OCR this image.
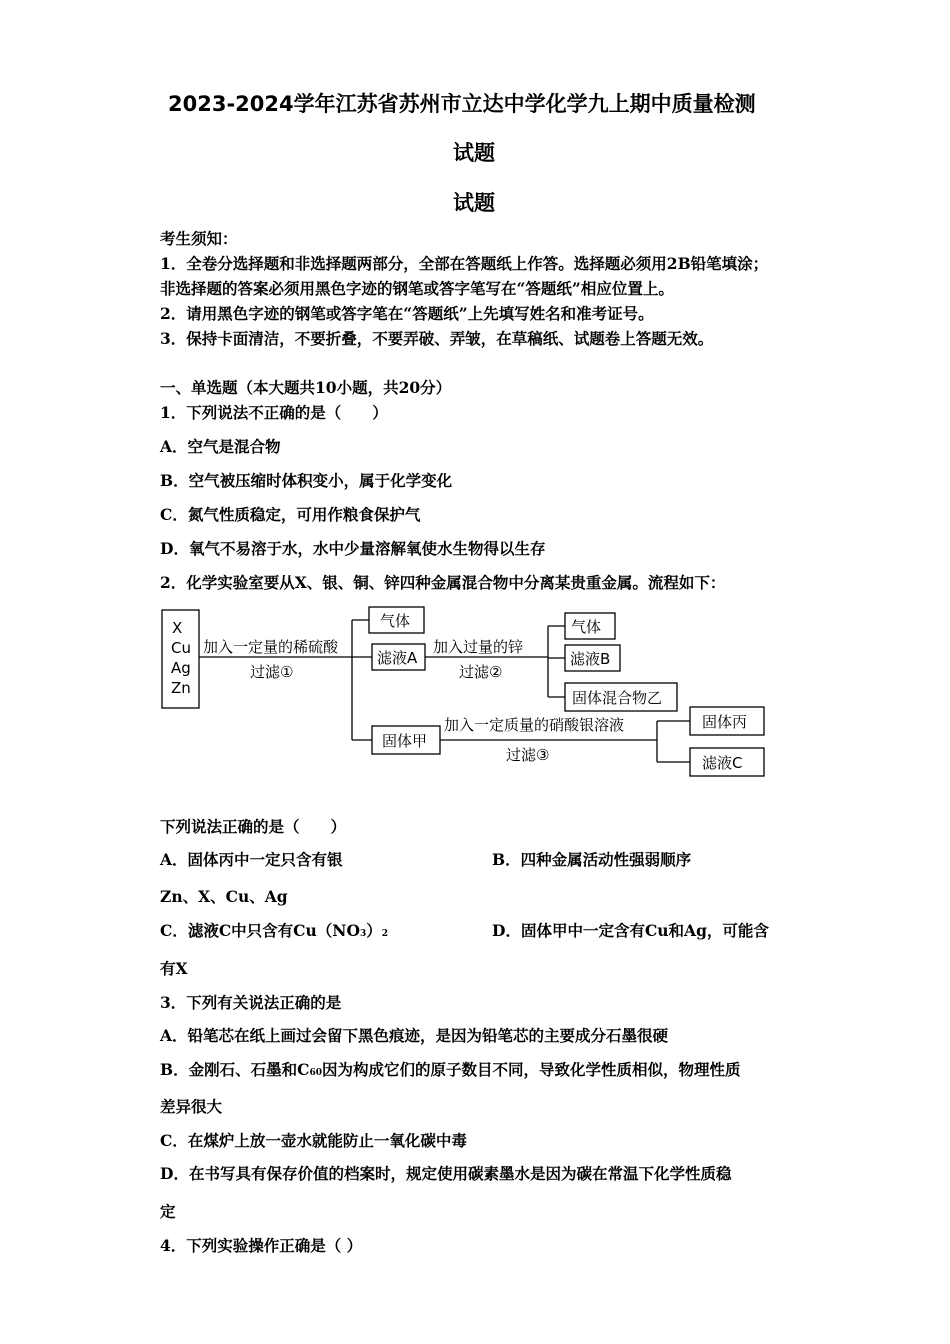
2023-2024学年江苏省苏州市立达中学化学九上期中质量检测
试题
试题
考生须知：
1．全卷分选择题和非选择题两部分，全部在答题纸上作答。选择题必须用2B铅笔填涂；
非选择题的答案必须用黑色字迹的钢笔或答字笔写在“答题纸”相应位置上。
2．请用黑色字迹的钢笔或答字笔在“答题纸”上先填写姓名和准考证号。
3．保持卡面清洁，不要折叠，不要弄破、弄皱，在草稿纸、试题卷上答题无效。
一、单选题（本大题共10小题，共20分）
1．下列说法不正确的是（　　）
A．空气是混合物
B．空气被压缩时体积变小，属于化学变化
C．氮气性质稳定，可用作粮食保护气
D．氧气不易溶于水，水中少量溶解氧使水生物得以生存
2．化学实验室要从X、银、铜、锌四种金属混合物中分离某贵重金属。流程如下：
X
Cu
Ag
Zn
加入一定量的稀硫酸
过滤①
气体
滤液A
加入过量的锌
过滤②
气体
滤液B
固体混合物乙
固体甲
加入一定质量的硝酸银溶液
过滤③
固体丙
滤液C
下列说法正确的是（　　）
A．固体丙中一定只含有银	B．四种金属活动性强弱顺序
Zn、X、Cu、Ag
C．滤液C中只含有Cu（NO3）2	D．固体甲中一定含有Cu和Ag，可能含
有X
3．下列有关说法正确的是
A．铅笔芯在纸上画过会留下黑色痕迹，是因为铅笔芯的主要成分石墨很硬
B．金刚石、石墨和C60因为构成它们的原子数目不同，导致化学性质相似，物理性质
差异很大
C．在煤炉上放一壶水就能防止一氧化碳中毒
D．在书写具有保存价值的档案时，规定使用碳素墨水是因为碳在常温下化学性质稳
定
4．下列实验操作正确是（ ）
